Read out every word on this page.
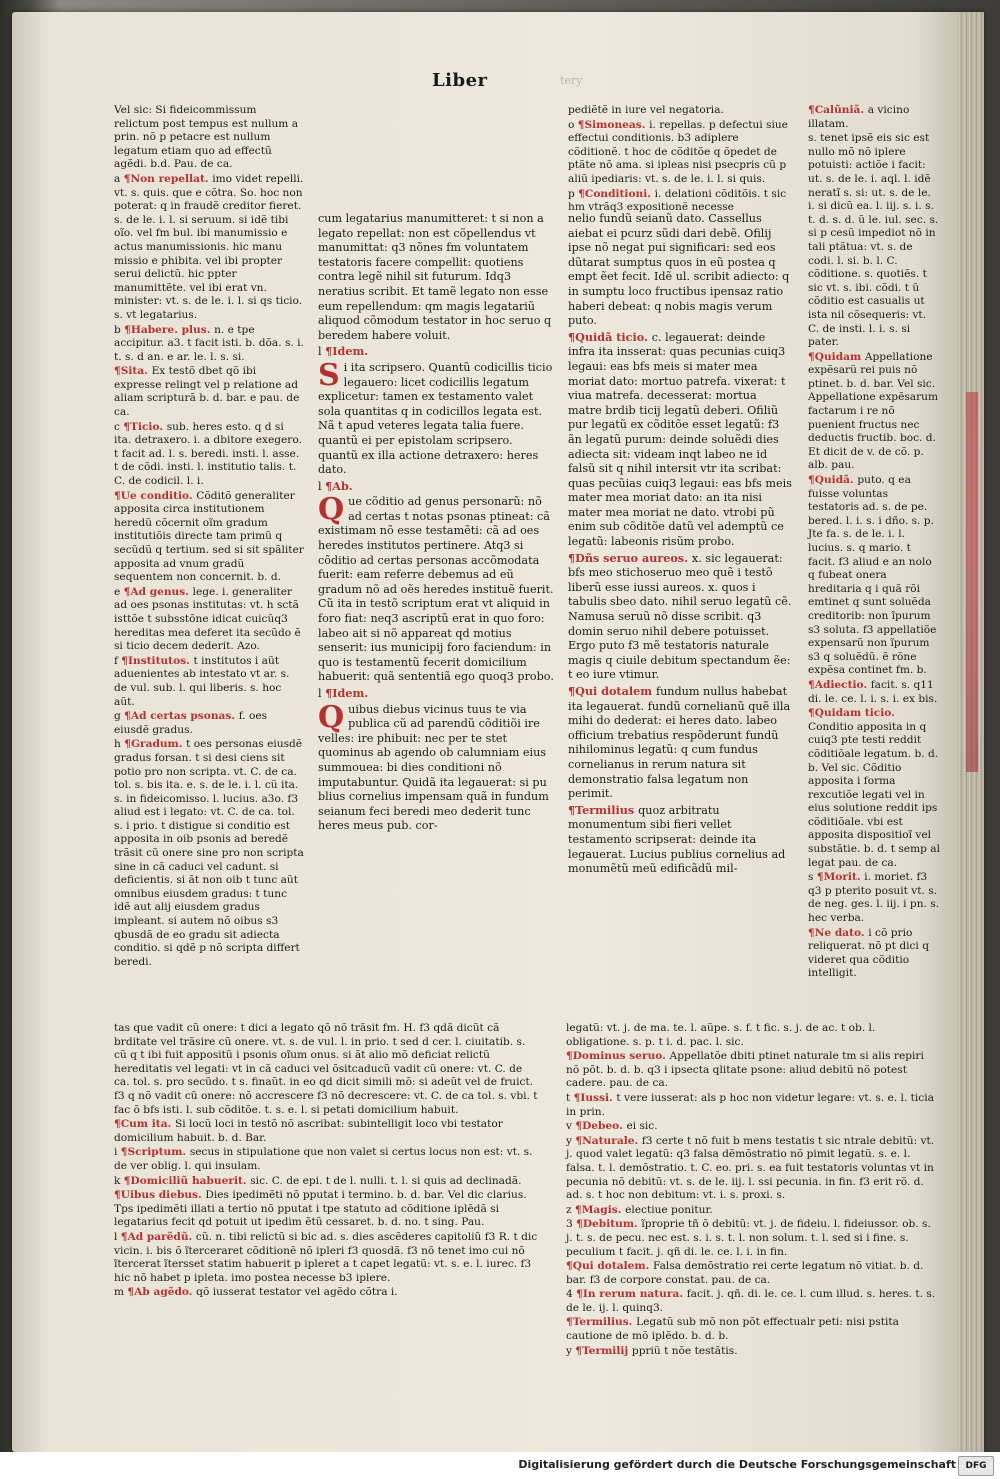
Liber	tery

Vel sic: Si fideicommissum relictum post tempus est nullum a prin. nõ p petacre est nullum legatum etiam quo ad effectũ agẽdi. b.d. Pau. de ca.

a ¶Non repellat. imo videt repelli. vt. s. quis. que e cõtra. So. hoc non poterat: q in fraudẽ creditor fieret. s. de le. i. l. si seruum. si idẽ tibi oĩo. vel fm bul. ibi manumissio e actus manumissionis. hic manu missio e phibita. vel ibi propter serui delictũ. hic ppter manumittẽte. vel ibi erat vn. minister: vt. s. de le. i. l. si qs ticio. s. vt legatarius.

b ¶Habere. plus. n. e tpe accipitur. a3. t facit isti. b. dõa. s. i. t. s. d an. e ar. le. l. s. si.

¶Sita. Ex testõ dbet qõ ibi expresse relingt vel p relatione ad aliam scripturã b. d. bar. e pau. de ca.

c ¶Ticio. sub. heres esto. q d si ita. detraxero. i. a dbitore exegero. t facit ad. l. s. beredi. insti. l. asse. t de cõdi. insti. l. institutio talis. t. C. de codicil. l. i.

¶Ue conditio. Cõditõ generaliter apposita circa institutionem heredũ cõcernit oĩm gradum institutiõis directe tam primũ q secũdũ q tertium. sed si sit spãliter apposita ad vnum gradũ sequentem non concernit. b. d.

e ¶Ad genus. lege. i. generaliter ad oes psonas institutas: vt. h sctã isttõe t subsstõne idicat cuicũq3 hereditas mea deferet ita secũdo ẽ si ticio decem dederit. Azo.

f ¶Institutos. t institutos i aũt aduenientes ab intestato vt ar. s. de vul. sub. l. qui liberis. s. hoc aũt.

g ¶Ad certas psonas. f. oes eiusdẽ gradus.

h ¶Gradum. t oes personas eiusdẽ gradus forsan. t si desi ciens sit potio pro non scripta. vt. C. de ca. tol. s. bis ita. e. s. de le. i. l. cũ ita. s. in fideicomisso. l. lucius. a3o. f3 aliud est i legato: vt. C. de ca. tol. s. i prio. t distigue si conditio est apposita in oib psonis ad beredẽ trãsit cũ onere sine pro non scripta sine in cã caduci vel cadunt. si deficientis. si ãt non oib t tunc aũt omnibus eiusdem gradus: t tunc idẽ aut alij eiusdem gradus impleant. si autem nõ oibus s3 qbusdã de eo gradu sit adiecta conditio. si qdẽ p nõ scripta differt beredi.

cum legatarius manumitteret: t si non a legato repellat: non est cõpellendus vt manumittat: q3 nõnes fm voluntatem testatoris facere compellit: quotiens contra legẽ nihil sit futurum. Idq3 neratius scribit. Et tamẽ legato non esse eum repellendum: qm magis legatariũ aliquod cõmodum testator in hoc seruo q beredem habere voluit.

l ¶Idem.

Si ita scripsero. Quantũ codicillis ticio legauero: licet codicillis legatum explicetur: tamen ex testamento valet sola quantitas q in codicillos legata est. Nã t apud veteres legata talia fuere. quantũ ei per epistolam scripsero. quantũ ex illa actione detraxero: heres dato.

l ¶Ab.

Que cõditio ad genus personarũ: nõ ad certas t notas psonas ptineat: cã existimam nõ esse testamẽti: cã ad oes heredes institutos pertinere. Atq3 si cõditio ad certas personas accõmodata fuerit: eam referre debemus ad eũ gradum nõ ad oẽs heredes instituẽ fuerit. Cũ ita in testõ scriptum erat vt aliquid in foro fiat: neq3 ascriptũ erat in quo foro: labeo ait si nõ appareat qd motius senserit: ius municipij foro faciendum: in quo is testamentũ fecerit domicilium habuerit: quã sententiã ego quoq3 probo.

l ¶Idem.

Quibus diebus vicinus tuus te via publica cũ ad parendũ cõditiõi ire velles: ire phibuit: nec per te stet quominus ab agendo ob calumniam eius summouea: bi dies conditioni nõ imputabuntur. Quidã ita legauerat: si pu blius cornelius impensam quã in fundum seianum feci beredi meo dederit tunc heres meus pub. cor-

pediẽtẽ in iure vel negatoria.

o ¶Simoneas. i. repellas. p defectui siue effectui conditionis. b3 adiplere cõditionẽ. t hoc de cõditõe q õpedet de ptãte nõ ama. si ipleas nisi psecpris cũ p aliũ ipediaris: vt. s. de le. i. l. si quis.

p ¶Conditioni. i. delationi cõditõis. t sic hm vtrãq3 expositionẽ necesse

nelio fundũ seianũ dato. Cassellus aiebat ei pcurz sũdi dari debẽ. Ofilij ipse nõ negat pui significari: sed eos dũtarat sumptus quos in eũ postea q empt ẽet fecit. Idẽ ul. scribit adiecto: q in sumptu loco fructibus ipensaz ratio haberi debeat: q nobis magis verum puto.

¶Quidã ticio. c. legauerat: deinde infra ita insserat: quas pecunias cuiq3 legaui: eas bfs meis si mater mea moriat dato: mortuo patrefa. vixerat: t viua matrefa. decesserat: mortua matre brdib ticij legatũ deberi. Ofiliũ pur legatũ ex cõditõe esset legatũ: f3 ãn legatũ purum: deinde soluẽdi dies adiecta sit: videam inqt labeo ne id falsũ sit q nihil intersit vtr ita scribat: quas pecũias cuiq3 legaui: eas bfs meis mater mea moriat dato: an ita nisi mater mea moriat ne dato. vtrobi pũ enim sub cõditõe datũ vel ademptũ ce legatũ: labeonis risũm probo.

¶Dñs seruo aureos. x. sic legauerat: bfs meo stichoseruo meo quẽ i testõ liberũ esse iussi aureos. x. quos i tabulis sbeo dato. nihil seruo legatũ cẽ. Namusa seruũ nõ disse scribit. q3 domin seruo nihil debere potuisset. Ergo puto f3 mẽ testatoris naturale magis q ciuile debitum spectandum ẽe: t eo iure vtimur.

¶Qui dotalem fundum nullus habebat ita legauerat. fundũ cornelianũ quẽ illa mihi do dederat: ei heres dato. labeo officium trebatius respõderunt fundũ nihilominus legatũ: q cum fundus cornelianus in rerum natura sit demonstratio falsa legatum non perimit.

¶Termilius quoz arbitratu monumentum sibi fieri vellet testamento scripserat: deinde ita legauerat. Lucius publius cornelius ad monumẽtũ meũ edificãdũ mil-

¶Calũniã. a vicino illatam.

s. tenet ipsẽ eis sic est nullo mõ nõ iplere potuisti: actiõe i facit: ut. s. de le. i. aql. l. idẽ neratĩ s. si: ut. s. de le. i. si dicũ ea. l. iij. s. i. s. t. d. s. d. ũ le. iul. sec. s. si p cesũ impediot nõ in tali ptãtua: vt. s. de codi. l. si. b. l. C. cõditione. s. quotiẽs. t sic vt. s. ibi. cõdi. t ũ cõditio est casualis ut ista nil cõsequeris: vt. C. de insti. l. i. s. si pater.

¶Quidam Appellatione expẽsarũ rei puis nõ ptinet. b. d. bar. Vel sic. Appellatione expẽsarum factarum i re nõ puenient fructus nec deductis fructib. boc. d. Et dicit de v. de cõ. p. alb. pau.

¶Quidã. puto. q ea fuisse voluntas testatoris ad. s. de pe. bered. l. i. s. i dño. s. p. Jte fa. s. de le. i. l. lucius. s. q mario. t facit. f3 aliud e an nolo q fubeat onera hreditaria q i quã rõi emtinet q sunt soluẽda creditorib: non ĩpurum s3 soluta. f3 appellatiõe expensarũ non ĩpurum s3 q soluẽdũ. ẽ rõne expẽsa continet fm. b.

¶Adiectio. facit. s. q11 di. le. ce. l. i. s. i. ex bis.

¶Quidam ticio. Conditio apposita in q cuiq3 pte testi reddit cõditiõale legatum. b. d. b. Vel sic. Cõditio apposita i forma rexcutiõe legati vel in eius solutione reddit ips cõditiõale. vbi est apposita dispositioĩ vel substãtie. b. d. t semp al legat pau. de ca.

s ¶Morit. i. moriet. f3 q3 p pterito posuit vt. s. de neg. ges. l. iij. i pn. s. hec verba.

¶Ne dato. i cõ prio reliquerat. nõ pt dici q videret qua cõditio intelligit.

tas que vadit cũ onere: t dici a legato qõ nõ trãsit fm. H. f3 qdã dicũt cã brditate vel trãsire cũ onere. vt. s. de vul. l. in prio. t sed d cer. l. ciuitatib. s. cũ q t ibi fuit appositũ i psonis oĩum onus. si ãt alio mõ deficiat relictũ hereditatis vel legati: vt in cã caduci vel õsitcaducũ vadit cũ onere: vt. C. de ca. tol. s. pro secũdo. t s. finaũt. in eo qd dicit simili mõ: si adeũt vel de fruict. f3 q nõ vadit cũ onere: nõ accrescere f3 nõ decrescere: vt. C. de ca tol. s. vbi. t fac õ bfs isti. l. sub cõditõe. t. s. e. l. si petati domicilium habuit.

¶Cum ita. Si locũ loci in testõ nõ ascribat: subintelligit loco vbi testator domicilium habuit. b. d. Bar.

i ¶Scriptum. secus in stipulatione que non valet si certus locus non est: vt. s. de ver oblig. l. qui insulam.

k ¶Domiciliũ habuerit. sic. C. de epi. t de l. nulli. t. l. si quis ad declinadã.

¶Uibus diebus. Dies ipedimẽti nõ pputat i termino. b. d. bar. Vel dic clarius. Tps ipedimẽti illati a tertio nõ pputat i tpe statuto ad cõditione iplẽdã si legatarius fecit qd potuit ut ipedim ẽtũ cessaret. b. d. no. t sing. Pau.

l ¶Ad parẽdũ. cũ. n. tibi relictũ si bic ad. s. dies ascẽderes capitoliũ f3 R. t dic vicin. i. bis õ ĩterceraret cõditionẽ nõ ipleri f3 quosdã. f3 nõ tenet imo cui nõ ĩtercerat ĩtersset statim habuerit p ipleret a t capet legatũ: vt. s. e. l. iurec. f3 hic nõ habet p ipleta. imo postea necesse b3 iplere.

m ¶Ab agẽdo. qõ iusserat testator vel agẽdo cõtra i.

legatũ: vt. j. de ma. te. l. aũpe. s. f. t fic. s. j. de ac. t ob. l. obligatione. s. p. t i. d. pac. l. sic.

¶Dominus seruo. Appellatõe dbiti ptinet naturale tm si alis repiri nõ põt. b. d. b. q3 i ipsecta qlitate psone: aliud debitũ nõ potest cadere. pau. de ca.

t ¶Iussi. t vere iusserat: als p hoc non videtur legare: vt. s. e. l. ticia in prin.

v ¶Debeo. ei sic.

y ¶Naturale. f3 certe t nõ fuit b mens testatis t sic ntrale debitũ: vt. j. quod valet legatũ: q3 falsa dẽmõstratio nõ pimit legatũ. s. e. l. falsa. t. l. demõstratio. t. C. eo. pri. s. ea fuit testatoris voluntas vt in pecunia nõ debitũ: vt. s. de le. iij. l. ssi pecunia. in fin. f3 erit rõ. d. ad. s. t hoc non debitum: vt. i. s. proxi. s.

z ¶Magis. electiue ponitur.

3 ¶Debitum. ĩproprie tñ õ debitũ: vt. j. de fideiu. l. fideiussor. ob. s. j. t. s. de pecu. nec est. s. i. s. t. l. non solum. t. l. sed si i fine. s. peculium t facit. j. qñ di. le. ce. l. i. in fin.

¶Qui dotalem. Falsa demõstratio rei certe legatum nõ vitiat. b. d. bar. f3 de corpore constat. pau. de ca.

4 ¶In rerum natura. facit. j. qñ. di. le. ce. l. cum illud. s. heres. t. s. de le. ij. l. quinq3.

¶Termilius. Legatũ sub mõ non põt effectualr peti: nisi pstita cautione de mõ iplẽdo. b. d. b.

y ¶Termilij ppriũ t nõe testãtis.

Digitalisierung gefördert durch die Deutsche Forschungsgemeinschaft	DFG
